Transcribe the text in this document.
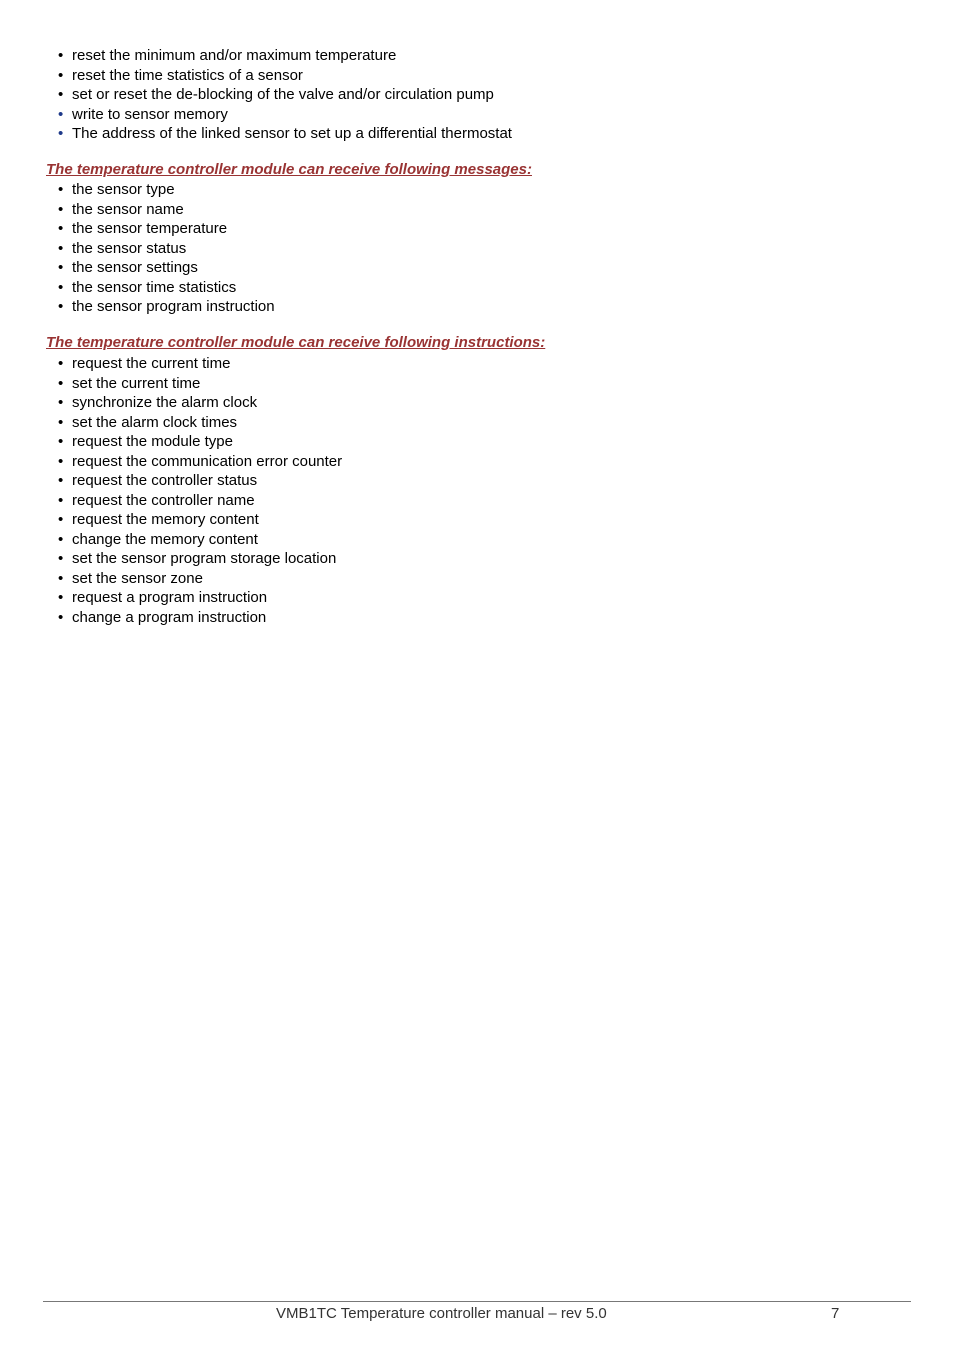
• reset the minimum and/or maximum temperature
• reset the time statistics of a sensor
• set or reset the de-blocking of the valve and/or circulation pump
• write to sensor memory
• The address of the linked sensor to set up a differential thermostat

The temperature controller module can receive following messages:

• the sensor type
• the sensor name
• the sensor temperature
• the sensor status
• the sensor settings
• the sensor time statistics
• the sensor program instruction

The temperature controller module can receive following instructions:

• request the current time
• set the current time
• synchronize the alarm clock
• set the alarm clock times
• request the module type
• request the communication error counter
• request the controller status
• request the controller name
• request the memory content
• change the memory content
• set the sensor program storage location
• set the sensor zone
• request a program instruction
• change a program instruction
VMB1TC Temperature controller manual – rev 5.0	7
